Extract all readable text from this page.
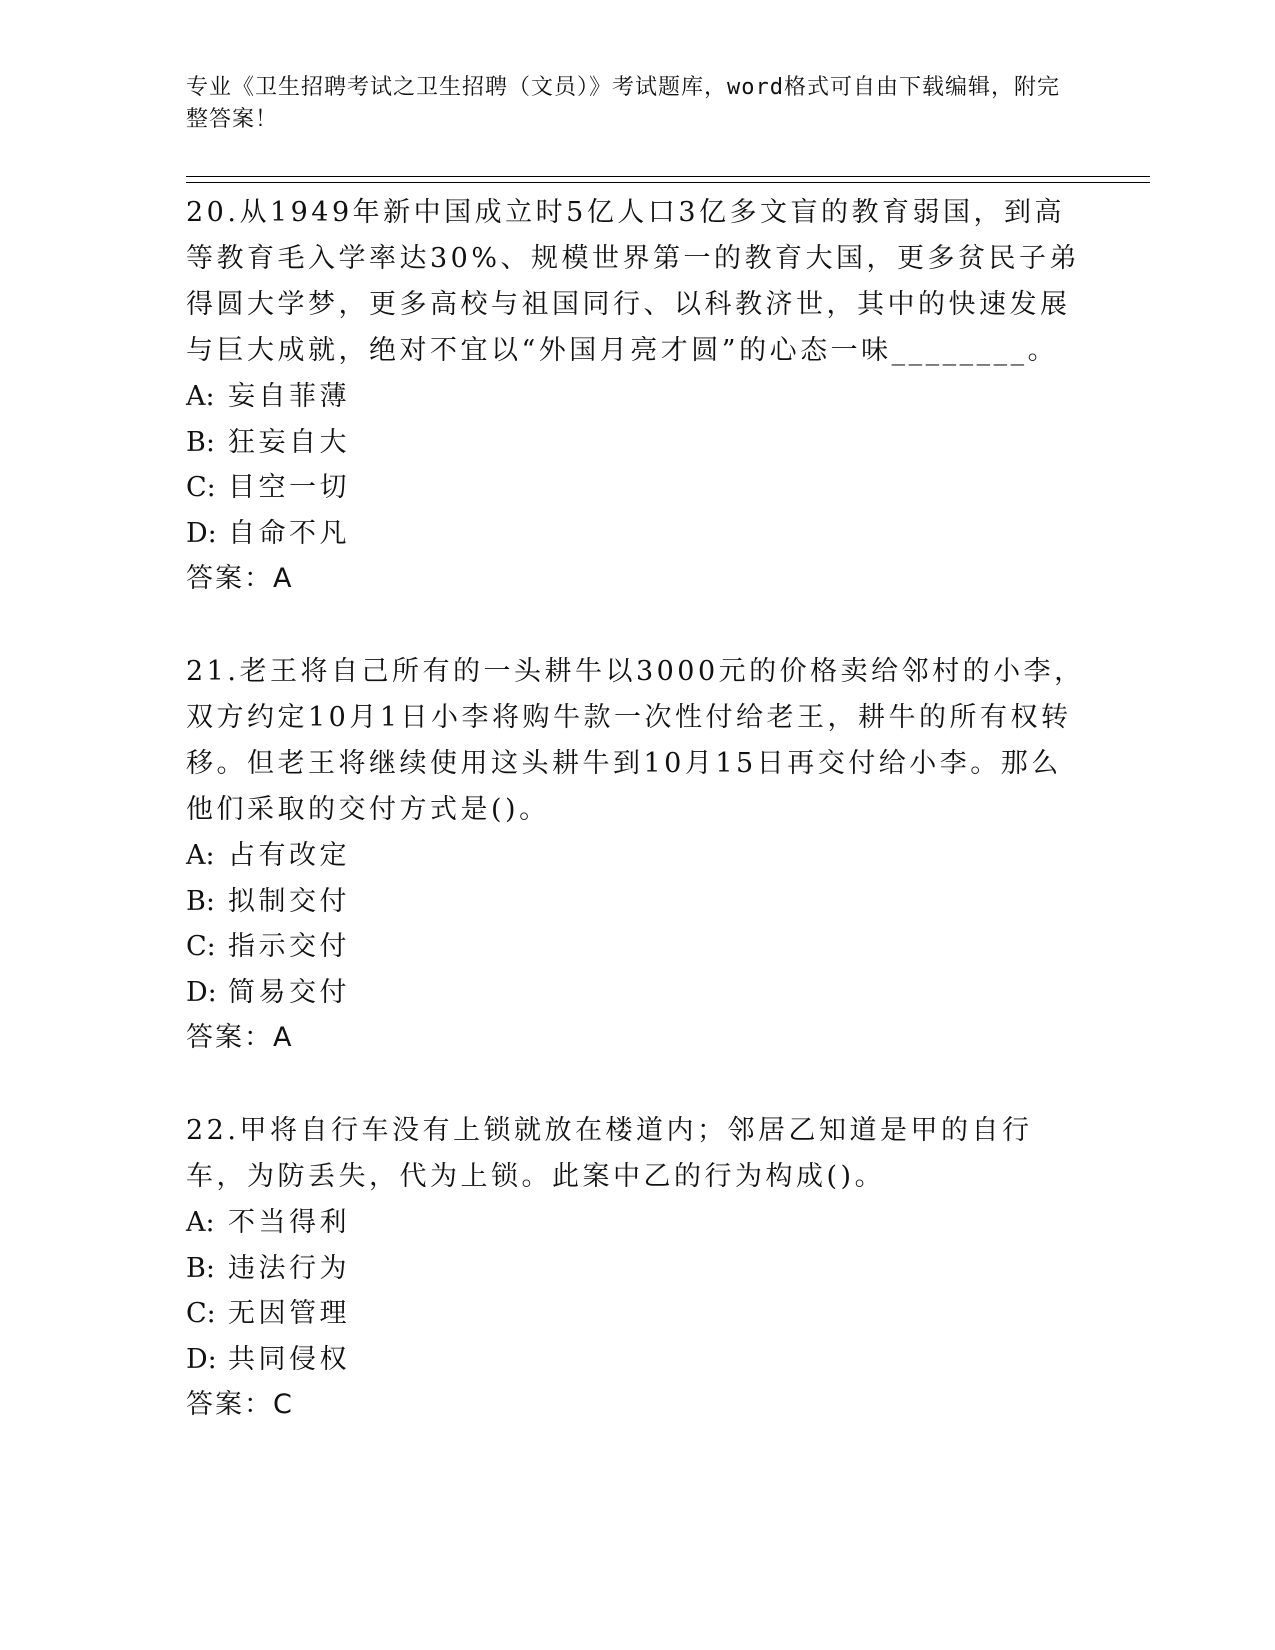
专业《卫生招聘考试之卫生招聘（文员）》考试题库，word格式可自由下载编辑，附完整答案！

20.从1949年新中国成立时5亿人口3亿多文盲的教育弱国，到高等教育毛入学率达30%、规模世界第一的教育大国，更多贫民子弟得圆大学梦，更多高校与祖国同行、以科教济世，其中的快速发展与巨大成就，绝对不宜以“外国月亮才圆”的心态一味________。

A: 妄自菲薄
B: 狂妄自大
C: 目空一切
D: 自命不凡

答案：A

21.老王将自己所有的一头耕牛以3000元的价格卖给邻村的小李，双方约定10月1日小李将购牛款一次性付给老王，耕牛的所有权转移。但老王将继续使用这头耕牛到10月15日再交付给小李。那么他们采取的交付方式是()。

A: 占有改定
B: 拟制交付
C: 指示交付
D: 简易交付

答案：A

22.甲将自行车没有上锁就放在楼道内；邻居乙知道是甲的自行车，为防丢失，代为上锁。此案中乙的行为构成()。

A: 不当得利
B: 违法行为
C: 无因管理
D: 共同侵权

答案：C
